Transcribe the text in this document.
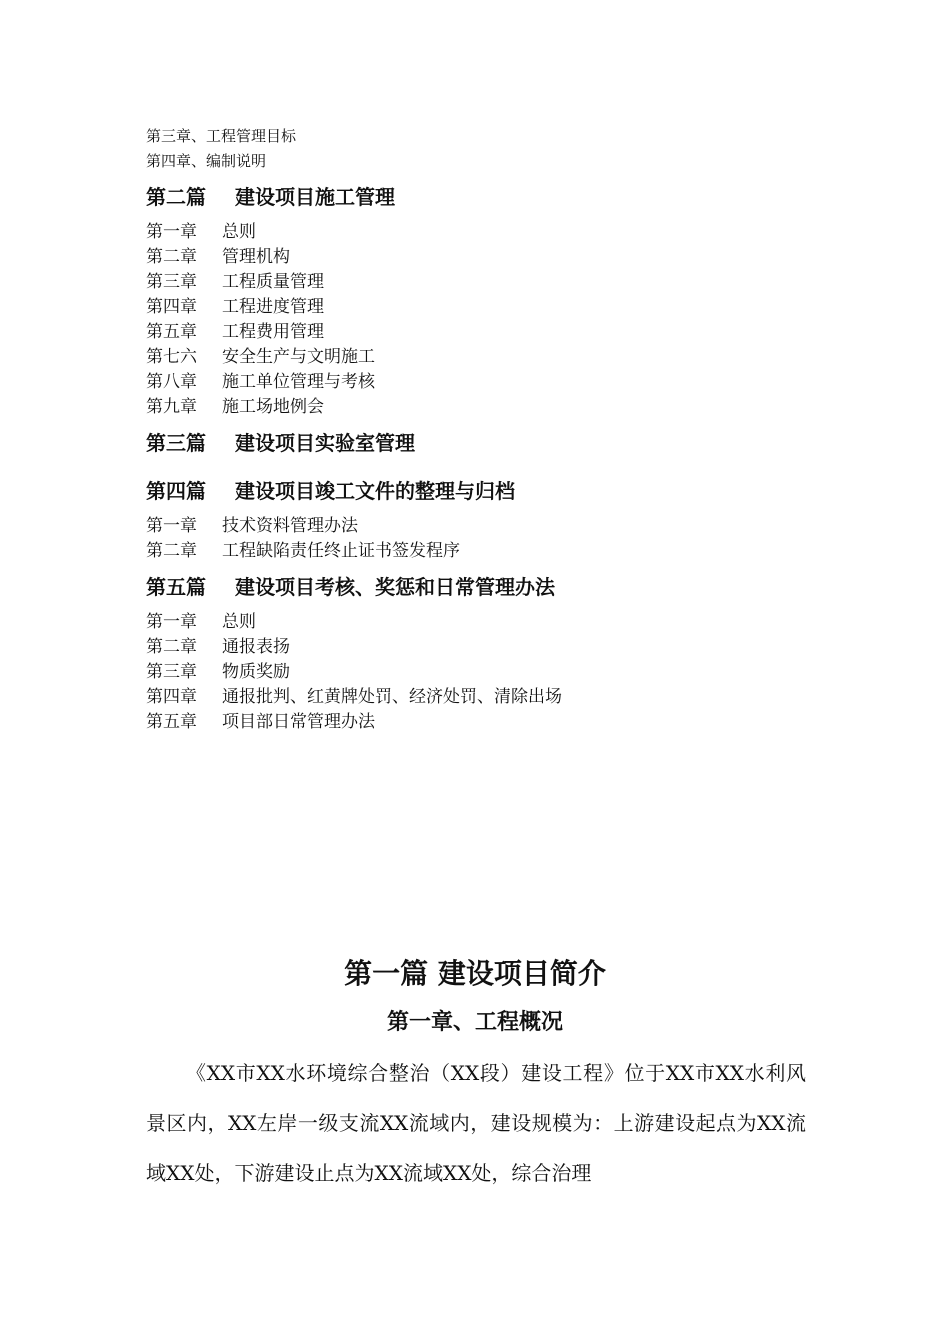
第三章、工程管理目标
第四章、编制说明
第二篇 建设项目施工管理
第一章 总则
第二章 管理机构
第三章 工程质量管理
第四章 工程进度管理
第五章 工程费用管理
第七六 安全生产与文明施工
第八章 施工单位管理与考核
第九章 施工场地例会
第三篇 建设项目实验室管理
第四篇 建设项目竣工文件的整理与归档
第一章 技术资料管理办法
第二章 工程缺陷责任终止证书签发程序
第五篇 建设项目考核、奖惩和日常管理办法
第一章 总则
第二章 通报表扬
第三章 物质奖励
第四章 通报批判、红黄牌处罚、经济处罚、清除出场
第五章 项目部日常管理办法
第一篇 建设项目简介
第一章、工程概况
《XX市XX水环境综合整治（XX段）建设工程》位于XX市XX水利风景区内，XX左岸一级支流XX流域内，建设规模为：上游建设起点为XX流域XX处，下游建设止点为XX流域XX处，综合治理
